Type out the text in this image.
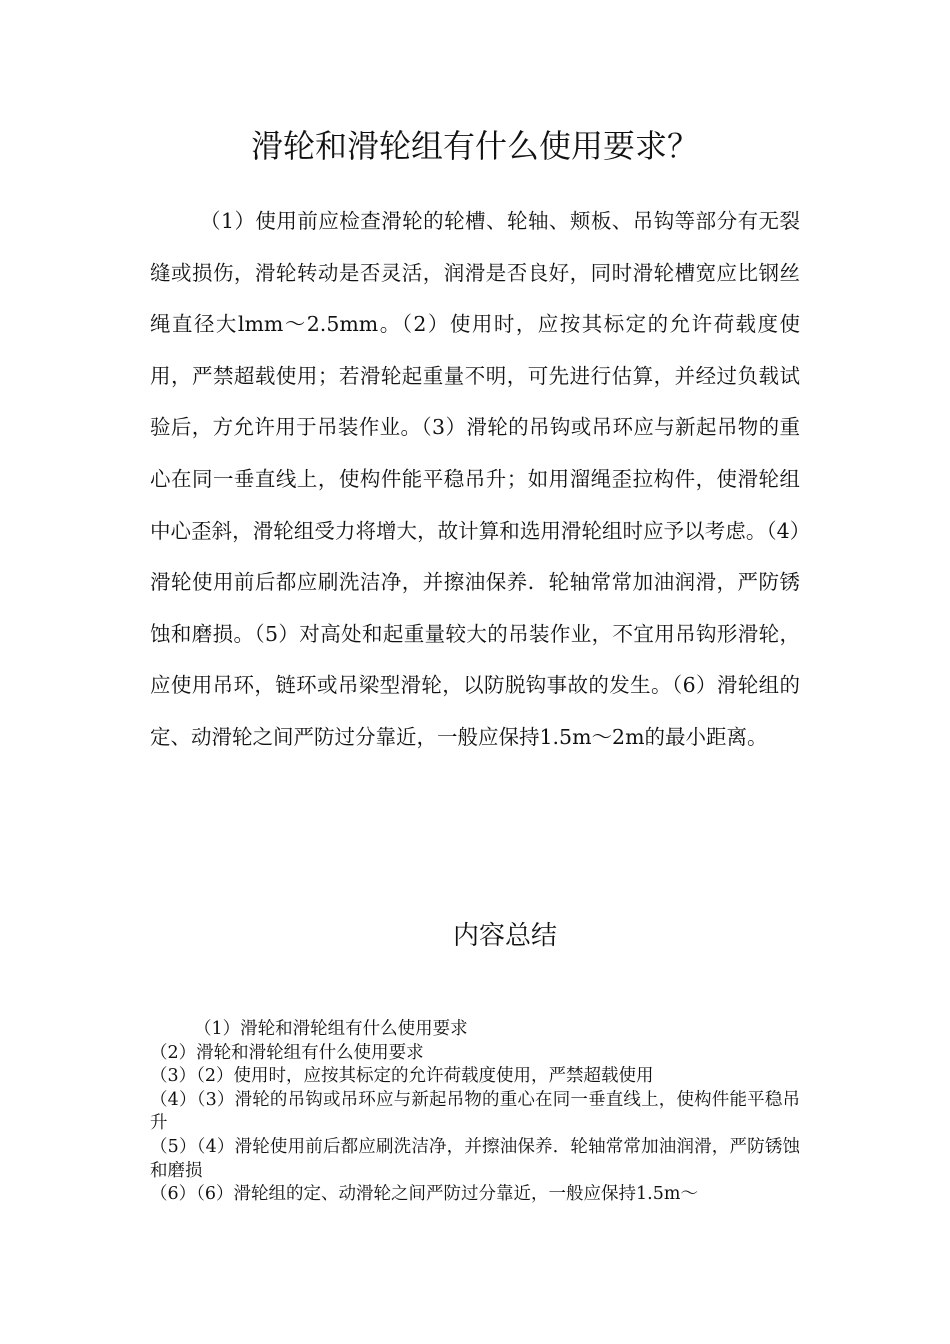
滑轮和滑轮组有什么使用要求？

（1）使用前应检查滑轮的轮槽、轮轴、颊板、吊钩等部分有无裂缝或损伤，滑轮转动是否灵活，润滑是否良好，同时滑轮槽宽应比钢丝绳直径大lmm～2.5mm。（2）使用时，应按其标定的允许荷载度使用，严禁超载使用；若滑轮起重量不明，可先进行估算，并经过负载试验后，方允许用于吊装作业。（3）滑轮的吊钩或吊环应与新起吊物的重心在同一垂直线上，使构件能平稳吊升；如用溜绳歪拉构件，使滑轮组中心歪斜，滑轮组受力将增大，故计算和选用滑轮组时应予以考虑。（4）滑轮使用前后都应刷洗洁净，并擦油保养．轮轴常常加油润滑，严防锈蚀和磨损。（5）对高处和起重量较大的吊装作业，不宜用吊钩形滑轮，应使用吊环，链环或吊梁型滑轮，以防脱钩事故的发生。（6）滑轮组的定、动滑轮之间严防过分靠近，一般应保持1.5m～2m的最小距离。

内容总结
（1）滑轮和滑轮组有什么使用要求
（2）滑轮和滑轮组有什么使用要求
（3）（2）使用时，应按其标定的允许荷载度使用，严禁超载使用
（4）（3）滑轮的吊钩或吊环应与新起吊物的重心在同一垂直线上，使构件能平稳吊升
（5）（4）滑轮使用前后都应刷洗洁净，并擦油保养．轮轴常常加油润滑，严防锈蚀和磨损
（6）（6）滑轮组的定、动滑轮之间严防过分靠近，一般应保持1.5m～
